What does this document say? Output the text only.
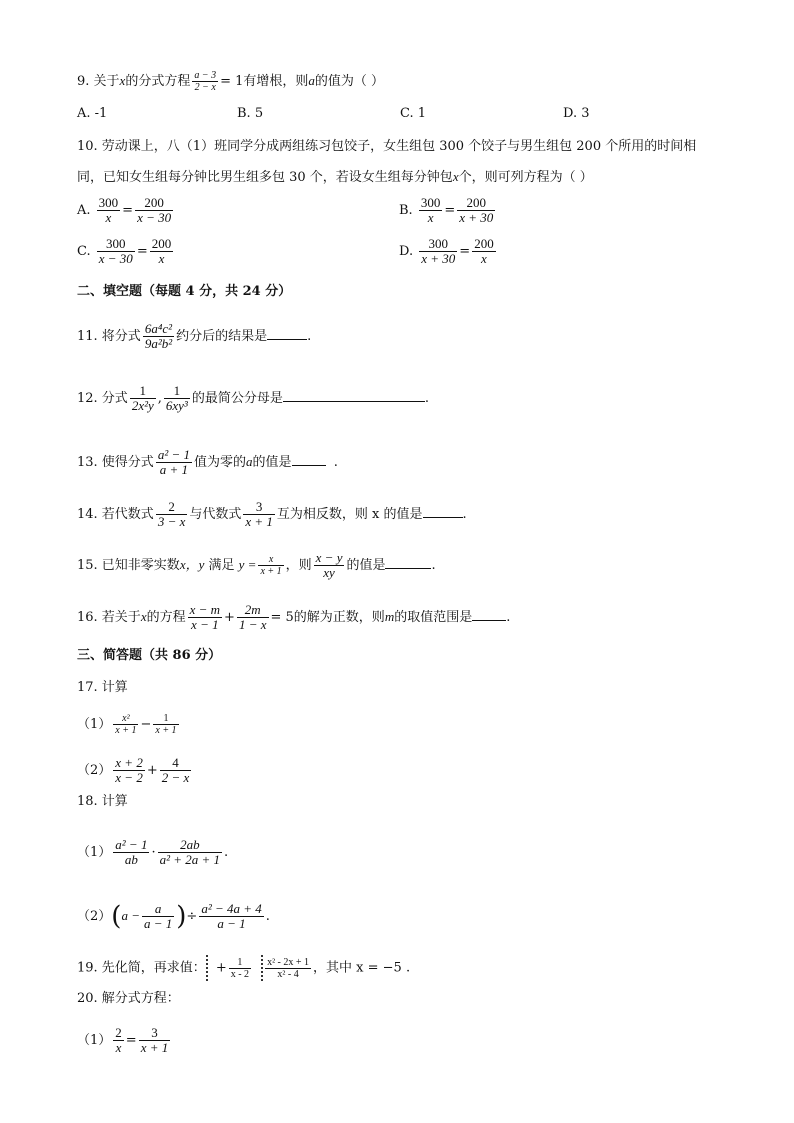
9. 关于x的分式方程 $\frac{a - 3}{2 - x} = 1$有增根，则a的值为（ ）
A. -1	B. 5	C. 1	D. 3
10. 劳动课上，八（1）班同学分成两组练习包饺子，女生组包 300 个饺子与男生组包 200 个所用的时间相
同，已知女生组每分钟比男生组多包 30 个，若设女生组每分钟包x个，则可列方程为（ ）
A. $\frac{300}{x} = \frac{200}{x - 30}$	B. $\frac{300}{x} = \frac{200}{x + 30}$
C. $\frac{300}{x - 30} = \frac{200}{x}$	D. $\frac{300}{x + 30} = \frac{200}{x}$
二、填空题（每题 4 分，共 24 分）
11. 将分式 $\frac{\text{6a⁴c²}}{\text{9a²b²}}$ 约分后的结果是	.
12. 分式 $\frac{1}{\text{2x²y}}$ , $\frac{1}{\text{6xy³}}$ 的最简公分母是	.
13. 使得分式 $\frac{\text{a² − 1}}{a + 1}$ 值为零的a的值是	.
14. 若代数式 $\frac{2}{3 - x}$ 与代数式 $\frac{3}{x + 1}$ 互为相反数，则 x 的值是	.
15. 已知非零实数x，y 满足 $y = \frac{x}{x + 1}$ ，则 $\frac{x - y}{xy}$ 的值是	.
16. 若关于x的方程 $\frac{x - m}{x - 1} + \frac{2m}{1 - x} = 5$的解为正数，则m的取值范围是	.
三、简答题（共 86 分）
17. 计算
$(1) \frac{\text{x²}}{x + 1} - \frac{1}{x + 1}$
$(2) \frac{x + 2}{x - 2} + \frac{4}{2 - x}$
18. 计算
$(1) \frac{\text{a² − 1}}{ab} \cdot \frac{2ab}{\text{a² + 2a + 1}}$ .
$(2)(a - \frac{a}{a - 1}$ )÷ $\frac{\text{a² − 4a + 4}}{a - 1}$ .
19. 先化简，再求值： + $\frac{1}{x - 2} \frac{\text{x² - 2x + 1}}{\text{x² - 4}}$ ，其中 x = −5 .
20. 解分式方程：
$(1) \frac{2}{x} = \frac{3}{x + 1}$
